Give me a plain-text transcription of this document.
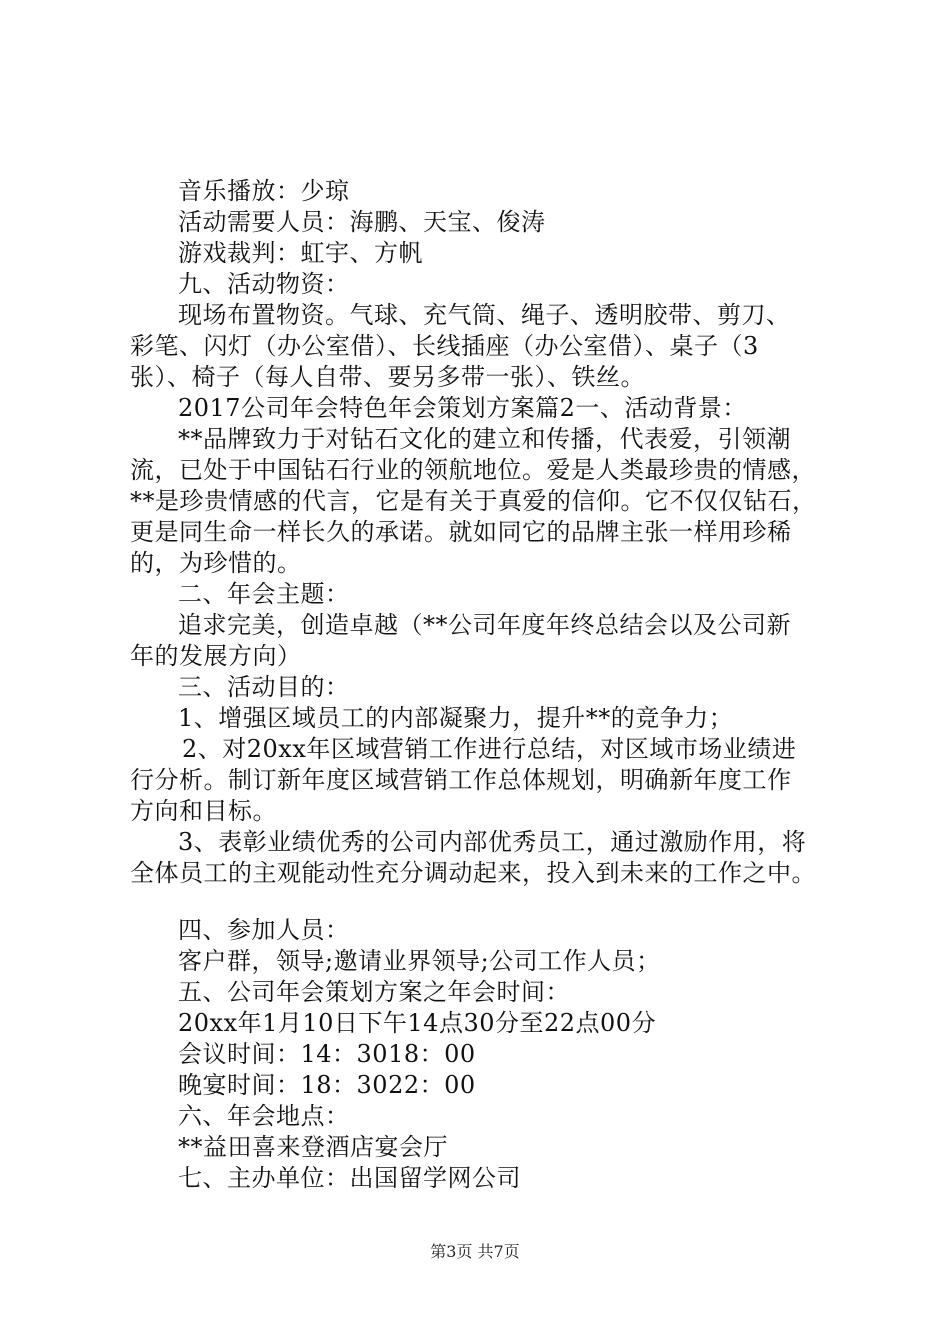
音乐播放：少琼
活动需要人员：海鹏、天宝、俊涛
游戏裁判：虹宇、方帆
九、活动物资：
现场布置物资。气球、充气筒、绳子、透明胶带、剪刀、
彩笔、闪灯（办公室借）、长线插座（办公室借）、桌子（3
张）、椅子（每人自带、要另多带一张）、铁丝。
2017公司年会特色年会策划方案篇2一、活动背景：
**品牌致力于对钻石文化的建立和传播，代表爱，引领潮
流，已处于中国钻石行业的领航地位。爱是人类最珍贵的情感，
**是珍贵情感的代言，它是有关于真爱的信仰。它不仅仅钻石，
更是同生命一样长久的承诺。就如同它的品牌主张一样用珍稀
的，为珍惜的。
二、年会主题：
追求完美，创造卓越（**公司年度年终总结会以及公司新
年的发展方向）
三、活动目的：
1、增强区域员工的内部凝聚力，提升**的竞争力；
2、对20xx年区域营销工作进行总结，对区域市场业绩进
行分析。制订新年度区域营销工作总体规划，明确新年度工作
方向和目标。
3、表彰业绩优秀的公司内部优秀员工，通过激励作用，将
全体员工的主观能动性充分调动起来，投入到未来的工作之中。
四、参加人员：
客户群，领导;邀请业界领导;公司工作人员；
五、公司年会策划方案之年会时间：
20xx年1月10日下午14点30分至22点00分
会议时间：14：3018：00
晚宴时间：18：3022：00
六、年会地点：
**益田喜来登酒店宴会厅
七、主办单位：出国留学网公司
第3页 共7页
